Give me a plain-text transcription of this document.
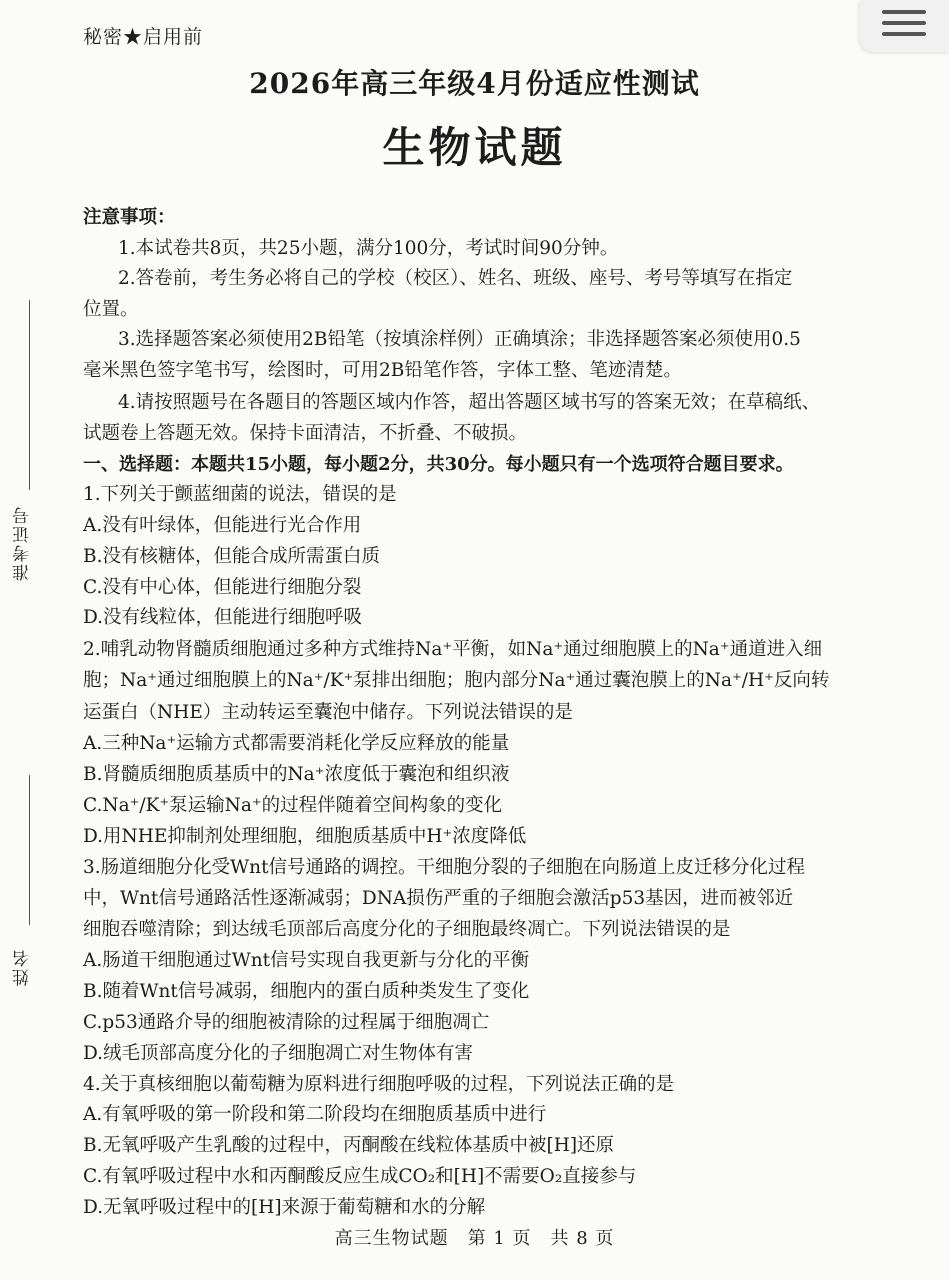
秘密★启用前
2026年高三年级4月份适应性测试
生物试题
准考证号
姓名
注意事项：
1.本试卷共8页，共25小题，满分100分，考试时间90分钟。
2.答卷前，考生务必将自己的学校（校区）、姓名、班级、座号、考号等填写在指定
位置。
3.选择题答案必须使用2B铅笔（按填涂样例）正确填涂；非选择题答案必须使用0.5
毫米黑色签字笔书写，绘图时，可用2B铅笔作答，字体工整、笔迹清楚。
4.请按照题号在各题目的答题区域内作答，超出答题区域书写的答案无效；在草稿纸、
试题卷上答题无效。保持卡面清洁，不折叠、不破损。
一、选择题：本题共15小题，每小题2分，共30分。每小题只有一个选项符合题目要求。
1.下列关于颤蓝细菌的说法，错误的是
A.没有叶绿体，但能进行光合作用
B.没有核糖体，但能合成所需蛋白质
C.没有中心体，但能进行细胞分裂
D.没有线粒体，但能进行细胞呼吸
2.哺乳动物肾髓质细胞通过多种方式维持Na⁺平衡，如Na⁺通过细胞膜上的Na⁺通道进入细
胞；Na⁺通过细胞膜上的Na⁺/K⁺泵排出细胞；胞内部分Na⁺通过囊泡膜上的Na⁺/H⁺反向转
运蛋白（NHE）主动转运至囊泡中储存。下列说法错误的是
A.三种Na⁺运输方式都需要消耗化学反应释放的能量
B.肾髓质细胞质基质中的Na⁺浓度低于囊泡和组织液
C.Na⁺/K⁺泵运输Na⁺的过程伴随着空间构象的变化
D.用NHE抑制剂处理细胞，细胞质基质中H⁺浓度降低
3.肠道细胞分化受Wnt信号通路的调控。干细胞分裂的子细胞在向肠道上皮迁移分化过程
中，Wnt信号通路活性逐渐减弱；DNA损伤严重的子细胞会激活p53基因，进而被邻近
细胞吞噬清除；到达绒毛顶部后高度分化的子细胞最终凋亡。下列说法错误的是
A.肠道干细胞通过Wnt信号实现自我更新与分化的平衡
B.随着Wnt信号减弱，细胞内的蛋白质种类发生了变化
C.p53通路介导的细胞被清除的过程属于细胞凋亡
D.绒毛顶部高度分化的子细胞凋亡对生物体有害
4.关于真核细胞以葡萄糖为原料进行细胞呼吸的过程，下列说法正确的是
A.有氧呼吸的第一阶段和第二阶段均在细胞质基质中进行
B.无氧呼吸产生乳酸的过程中，丙酮酸在线粒体基质中被[H]还原
C.有氧呼吸过程中水和丙酮酸反应生成CO₂和[H]不需要O₂直接参与
D.无氧呼吸过程中的[H]来源于葡萄糖和水的分解
高三生物试题　第 1 页　共 8 页
